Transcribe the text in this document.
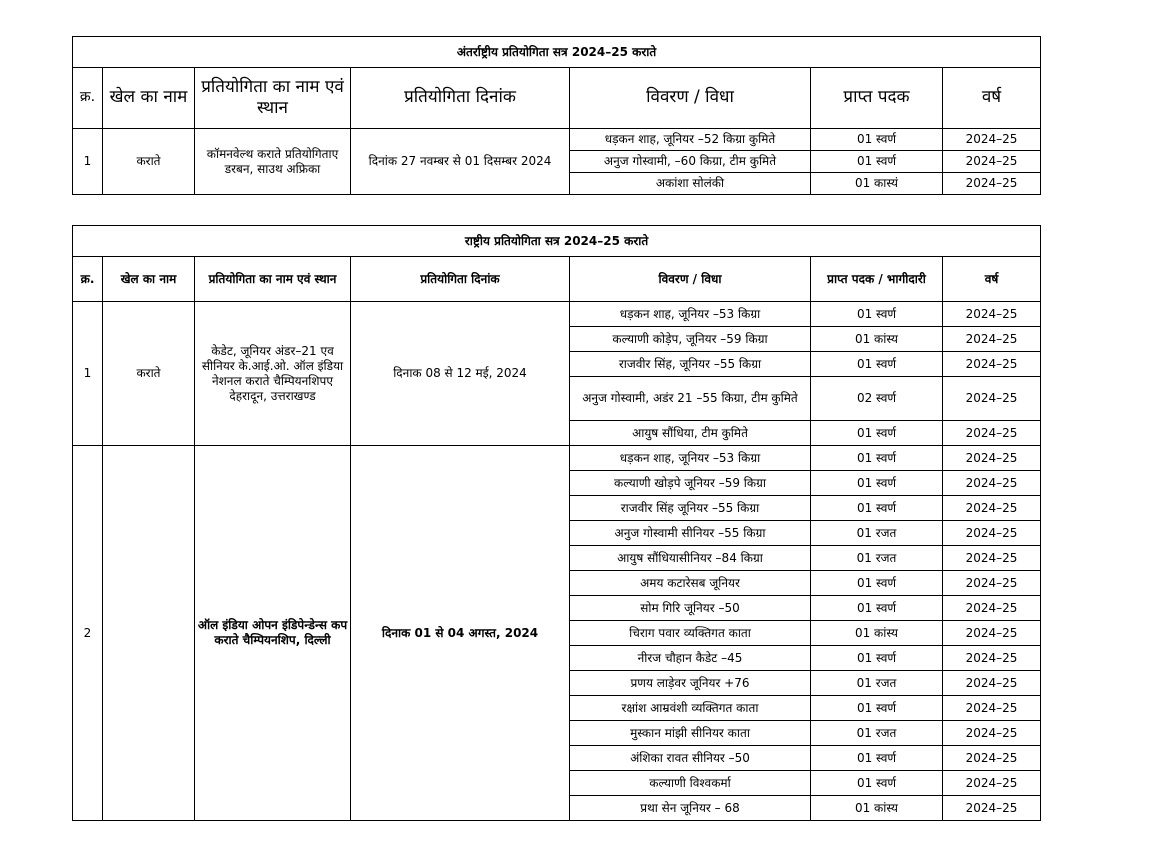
अंतर्राष्ट्रीय प्रतियोगिता सत्र 2024–25 कराते						
क्र.	खेल का नाम	प्रतियोगिता का नाम एवं स्थान	प्रतियोगिता दिनांक	विवरण / विधा	प्राप्त पदक	वर्ष
1	कराते	कॉमनवेल्थ कराते प्रतियोगिताए डरबन, साउथ अफ्रिका	दिनांक 27 नवम्बर से 01 दिसम्बर 2024	धड़कन शाह, जूनियर –52 किग्रा कुमिते	01 स्वर्ण	2024–25
				अनुज गोस्वामी, –60 किग्रा, टीम कुमिते	01 स्वर्ण	2024–25
				अकांशा सोलंकी	01 कास्यं	2024–25
राष्ट्रीय प्रतियोगिता सत्र 2024–25 कराते						
क्र.	खेल का नाम	प्रतियोगिता का नाम एवं स्थान	प्रतियोगिता दिनांक	विवरण / विधा	प्राप्त पदक / भागीदारी	वर्ष
1	कराते	केडेट, जूनियर अंडर–21 एव सीनियर के.आई.ओ. ऑल इंडिया नेशनल कराते चैम्पियनशिपए देहरादून, उत्तराखण्ड	दिनाक 08 से 12 मई, 2024	धड़कन शाह, जूनियर –53 किग्रा	01 स्वर्ण	2024–25
				कल्याणी कोड़ेप, जूनियर –59 किग्रा	01 कांस्य	2024–25
				राजवीर सिंह, जूनियर –55 किग्रा	01 स्वर्ण	2024–25
				अनुज गोस्वामी, अडंर 21 –55 किग्रा, टीम कुमिते	02 स्वर्ण	2024–25
				आयुष सौंधिया, टीम कुमिते	01 स्वर्ण	2024–25
2		ऑल इंडिया ओपन इंडिपेन्डेन्स कप कराते चैम्पियनशिप, दिल्ली	दिनाक 01 से 04 अगस्त, 2024	धड़कन शाह, जूनियर –53 किग्रा	01 स्वर्ण	2024–25
				कल्याणी खोड़पे जूनियर –59 किग्रा	01 स्वर्ण	2024–25
				राजवीर सिंह जूनियर –55 किग्रा	01 स्वर्ण	2024–25
				अनुज गोस्वामी सीनियर –55 किग्रा	01 रजत	2024–25
				आयुष सौंधियासीनियर –84 किग्रा	01 रजत	2024–25
				अमय कटारेसब जूनियर	01 स्वर्ण	2024–25
				सोम गिरि जूनियर –50	01 स्वर्ण	2024–25
				चिराग पवार व्यक्तिगत काता	01 कांस्य	2024–25
				नीरज चौहान कैडेट –45	01 स्वर्ण	2024–25
				प्रणय लाड़ेवर जूनियर +76	01 रजत	2024–25
				रक्षांश आम्रवंशी व्यक्तिगत काता	01 स्वर्ण	2024–25
				मुस्कान मांझी सीनियर काता	01 रजत	2024–25
				अंशिका रावत सीनियर –50	01 स्वर्ण	2024–25
				कल्याणी विश्वकर्मा	01 स्वर्ण	2024–25
				प्रथा सेन जूनियर – 68	01 कांस्य	2024–25
